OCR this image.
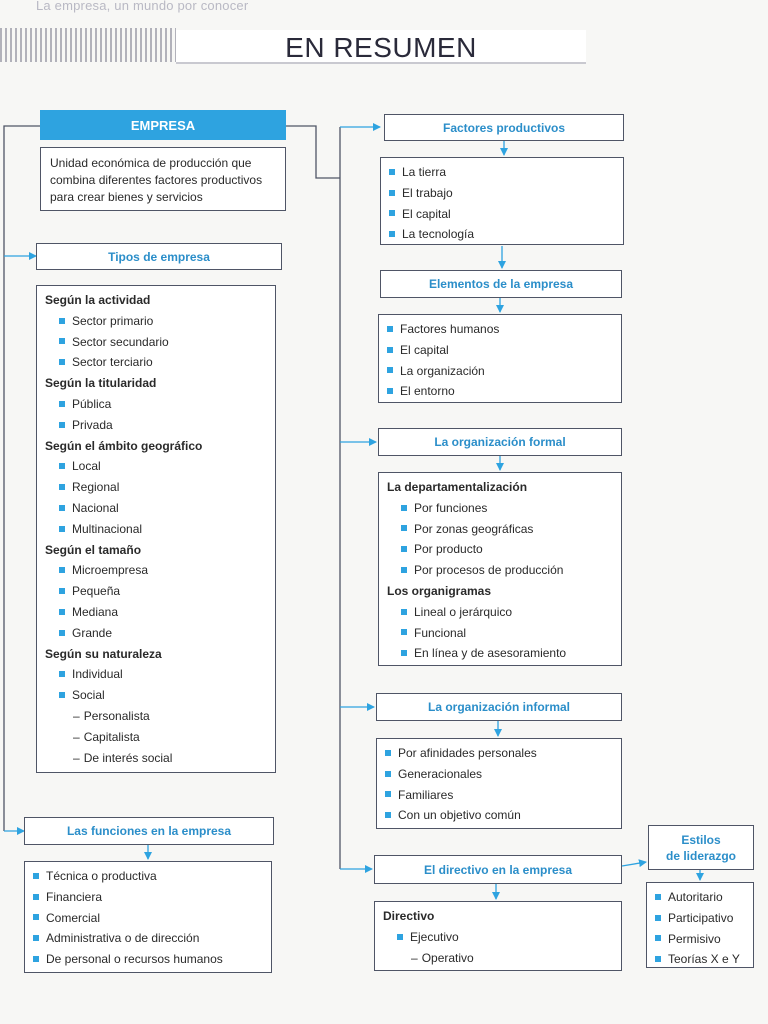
La empresa, un mundo por conocer
EN RESUMEN
EMPRESA
Unidad económica de producción que combina diferentes factores productivos para crear bienes y servicios
Tipos de empresa
Según la actividad
Sector primario
Sector secundario
Sector terciario
Según la titularidad
Pública
Privada
Según el ámbito geográfico
Local
Regional
Nacional
Multinacional
Según el tamaño
Microempresa
Pequeña
Mediana
Grande
Según su naturaleza
Individual
Social
– Personalista
– Capitalista
– De interés social
Las funciones en la empresa
Técnica o productiva
Financiera
Comercial
Administrativa o de dirección
De personal o recursos humanos
Factores productivos
La tierra
El trabajo
El capital
La tecnología
Elementos de la empresa
Factores humanos
El capital
La organización
El entorno
La organización formal
La departamentalización
Por funciones
Por zonas geográficas
Por producto
Por procesos de producción
Los organigramas
Lineal o jerárquico
Funcional
En línea y de asesoramiento
La organización informal
Por afinidades personales
Generacionales
Familiares
Con un objetivo común
El directivo en la empresa
Directivo
Ejecutivo
– Operativo
Estilos
de liderazgo
Autoritario
Participativo
Permisivo
Teorías X e Y
